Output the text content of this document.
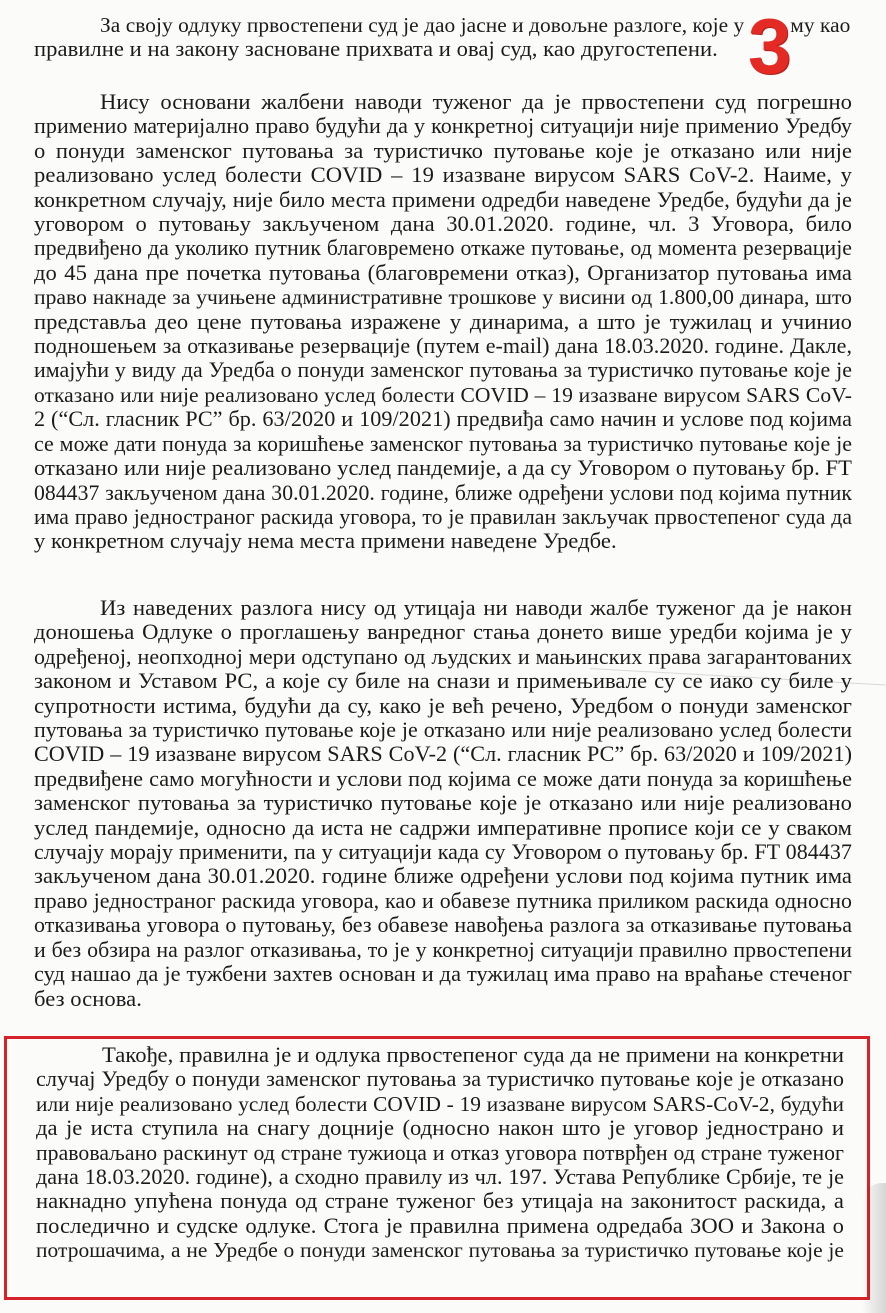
3

За своју одлуку првостепени суд је дао јасне и довољне разлоге, које у му као
правилне и на закону засноване прихвата и овај суд, као другостепени.

Нису основани жалбени наводи туженог да је првостепени суд погрешно
применио материјално право будући да у конкретној ситуацији није применио Уредбу
о понуди заменског путовања за туристичко путовање које је отказано или није
реализовано услед болести COVID – 19 изазване вирусом SARS CoV-2. Наиме, у
конкретном случају, није било места примени одредби наведене Уредбе, будући да је
уговором о путовању закљученом дана 30.01.2020. године, чл. 3 Уговора, било
предвиђено да уколико путник благовремено откаже путовање, од момента резервације
до 45 дана пре почетка путовања (благовремени отказ), Организатор путовања има
право накнаде за учињене административне трошкове у висини од 1.800,00 динара, што
представља део цене путовања изражене у динарима, а што је тужилац и учинио
подношењем за отказивање резервације (путем e-mail) дана 18.03.2020. године. Дакле,
имајући у виду да Уредба о понуди заменског путовања за туристичко путовање које је
отказано или није реализовано услед болести COVID – 19 изазване вирусом SARS CoV-
2 (“Сл. гласник РС” бр. 63/2020 и 109/2021) предвиђа само начин и услове под којима
се може дати понуда за коришћење заменског путовања за туристичко путовање које је
отказано или није реализовано услед пандемије, а да су Уговором о путовању бр. FT
084437 закљученом дана 30.01.2020. године, ближе одређени услови под којима путник
има право једностраног раскида уговора, то је правилан закључак првостепеног суда да
у конкретном случају нема места примени наведене Уредбе.

Из наведених разлога нису од утицаја ни наводи жалбе туженог да је након
доношења Одлуке о проглашењу ванредног стања донето више уредби којима је у
одређеној, неопходној мери одступано од људских и мањинских права загарантованих
законом и Уставом РС, а које су биле на снази и примењивале су се иако су биле у
супротности истима, будући да су, како је већ речено, Уредбом о понуди заменског
путовања за туристичко путовање које је отказано или није реализовано услед болести
COVID – 19 изазване вирусом SARS CoV-2 (“Сл. гласник РС” бр. 63/2020 и 109/2021)
предвиђене само могућности и услови под којима се може дати понуда за коришћење
заменског путовања за туристичко путовање које је отказано или није реализовано
услед пандемије, односно да иста не садржи императивне прописе који се у сваком
случају морају применити, па у ситуацији када су Уговором о путовању бр. FT 084437
закљученом дана 30.01.2020. године ближе одређени услови под којима путник има
право једностраног раскида уговора, као и обавезе путника приликом раскида односно
отказивања уговора о путовању, без обавезе навођења разлога за отказивање путовања
и без обзира на разлог отказивања, то је у конкретној ситуацији правилно првостепени
суд нашао да је тужбени захтев основан и да тужилац има право на враћање стеченог
без основа.

Такође, правилна је и одлука првостепеног суда да не примени на конкретни
случај Уредбу о понуди заменског путовања за туристичко путовање које је отказано
или није реализовано услед болести COVID - 19 изазване вирусом SARS-CoV-2, будући
да је иста ступила на снагу доцније (односно након што је уговор једнострано и
правоваљано раскинут од стране тужиоца и отказ уговора потврђен од стране туженог
дана 18.03.2020. године), а сходно правилу из чл. 197. Устава Републике Србије, те је
накнадно упућена понуда од стране туженог без утицаја на законитост раскида, а
последично и судске одлуке. Стога је правилна примена одредаба ЗОО и Закона о
потрошачима, а не Уредбе о понуди заменског путовања за туристичко путовање које је
